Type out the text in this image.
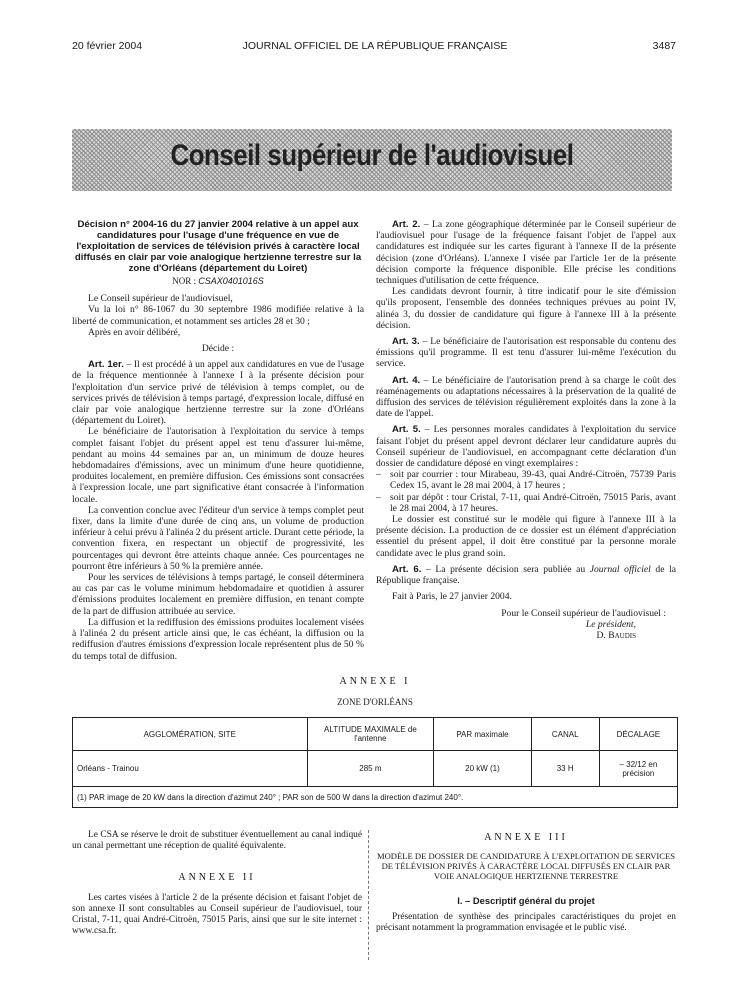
20 février 2004	JOURNAL OFFICIEL DE LA RÉPUBLIQUE FRANÇAISE	3487
Conseil supérieur de l'audiovisuel

Décision n° 2004-16 du 27 janvier 2004 relative à un appel aux candidatures pour l'usage d'une fréquence en vue de l'exploitation de services de télévision privés à caractère local diffusés en clair par voie analogique hertzienne terrestre sur la zone d'Orléans (département du Loiret)

NOR : CSAX0401016S

Le Conseil supérieur de l'audiovisuel,

Vu la loi n° 86-1067 du 30 septembre 1986 modifiée relative à la liberté de communication, et notamment ses articles 28 et 30 ;

Après en avoir délibéré,

Décide :

Art. 1er. – Il est procédé à un appel aux candidatures en vue de l'usage de la fréquence mentionnée à l'annexe I à la présente décision pour l'exploitation d'un service privé de télévision à temps complet, ou de services privés de télévision à temps partagé, d'expression locale, diffusé en clair par voie analogique hertzienne terrestre sur la zone d'Orléans (département du Loiret).

Le bénéficiaire de l'autorisation à l'exploitation du service à temps complet faisant l'objet du présent appel est tenu d'assurer lui-même, pendant au moins 44 semaines par an, un minimum de douze heures hebdomadaires d'émissions, avec un minimum d'une heure quotidienne, produites localement, en première diffusion. Ces émissions sont consacrées à l'expression locale, une part significative étant consacrée à l'information locale.

La convention conclue avec l'éditeur d'un service à temps complet peut fixer, dans la limite d'une durée de cinq ans, un volume de production inférieur à celui prévu à l'alinéa 2 du présent article. Durant cette période, la convention fixera, en respectant un objectif de progressivité, les pourcentages qui devront être atteints chaque année. Ces pourcentages ne pourront être inférieurs à 50 % la première année.

Pour les services de télévisions à temps partagé, le conseil déterminera au cas par cas le volume minimum hebdomadaire et quotidien à assurer d'émissions produites localement en première diffusion, en tenant compte de la part de diffusion attribuée au service.

La diffusion et la rediffusion des émissions produites localement visées à l'alinéa 2 du présent article ainsi que, le cas échéant, la diffusion ou la rediffusion d'autres émissions d'expression locale représentent plus de 50 % du temps total de diffusion.

Art. 2. – La zone géographique déterminée par le Conseil supérieur de l'audiovisuel pour l'usage de la fréquence faisant l'objet de l'appel aux candidatures est indiquée sur les cartes figurant à l'annexe II de la présente décision (zone d'Orléans). L'annexe I visée par l'article 1er de la présente décision comporte la fréquence disponible. Elle précise les conditions techniques d'utilisation de cette fréquence.

Les candidats devront fournir, à titre indicatif pour le site d'émission qu'ils proposent, l'ensemble des données techniques prévues au point IV, alinéa 3, du dossier de candidature qui figure à l'annexe III à la présente décision.

Art. 3. – Le bénéficiaire de l'autorisation est responsable du contenu des émissions qu'il programme. Il est tenu d'assurer lui-même l'exécution du service.

Art. 4. – Le bénéficiaire de l'autorisation prend à sa charge le coût des réaménagements ou adaptations nécessaires à la préservation de la qualité de diffusion des services de télévision régulièrement exploités dans la zone à la date de l'appel.

Art. 5. – Les personnes morales candidates à l'exploitation du service faisant l'objet du présent appel devront déclarer leur candidature auprès du Conseil supérieur de l'audiovisuel, en accompagnant cette déclaration d'un dossier de candidature déposé en vingt exemplaires :

– soit par courrier : tour Mirabeau, 39-43, quai André-Citroën, 75739 Paris Cedex 15, avant le 28 mai 2004, à 17 heures ;
– soit par dépôt : tour Cristal, 7-11, quai André-Citroën, 75015 Paris, avant le 28 mai 2004, à 17 heures.

Le dossier est constitué sur le modèle qui figure à l'annexe III à la présente décision. La production de ce dossier est un élément d'appréciation essentiel du présent appel, il doit être constitué par la personne morale candidate avec le plus grand soin.

Art. 6. – La présente décision sera publiée au Journal officiel de la République française.

Fait à Paris, le 27 janvier 2004.

Pour le Conseil supérieur de l'audiovisuel :
Le président,
D. Baudis
ANNEXE I
ZONE D'ORLÉANS
AGGLOMÉRATION, SITE	ALTITUDE MAXIMALE de l'antenne	PAR maximale	CANAL	DÉCALAGE
Orléans - Trainou	285 m	20 kW (1)	33 H	– 32/12 en précision
(1) PAR image de 20 kW dans la direction d'azimut 240° ; PAR son de 500 W dans la direction d'azimut 240°.				

Le CSA se réserve le droit de substituer éventuellement au canal indiqué un canal permettant une réception de qualité équivalente.

ANNEXE II

Les cartes visées à l'article 2 de la présente décision et faisant l'objet de son annexe II sont consultables au Conseil supérieur de l'audiovisuel, tour Cristal, 7-11, quai André-Citroën, 75015 Paris, ainsi que sur le site internet : www.csa.fr.

ANNEXE III
MODÈLE DE DOSSIER DE CANDIDATURE À L'EXPLOITATION DE SERVICES DE TÉLÉVISION PRIVÉS À CARACTÈRE LOCAL DIFFUSÉS EN CLAIR PAR VOIE ANALOGIQUE HERTZIENNE TERRESTRE
I. – Descriptif général du projet

Présentation de synthèse des principales caractéristiques du projet en précisant notamment la programmation envisagée et le public visé.
